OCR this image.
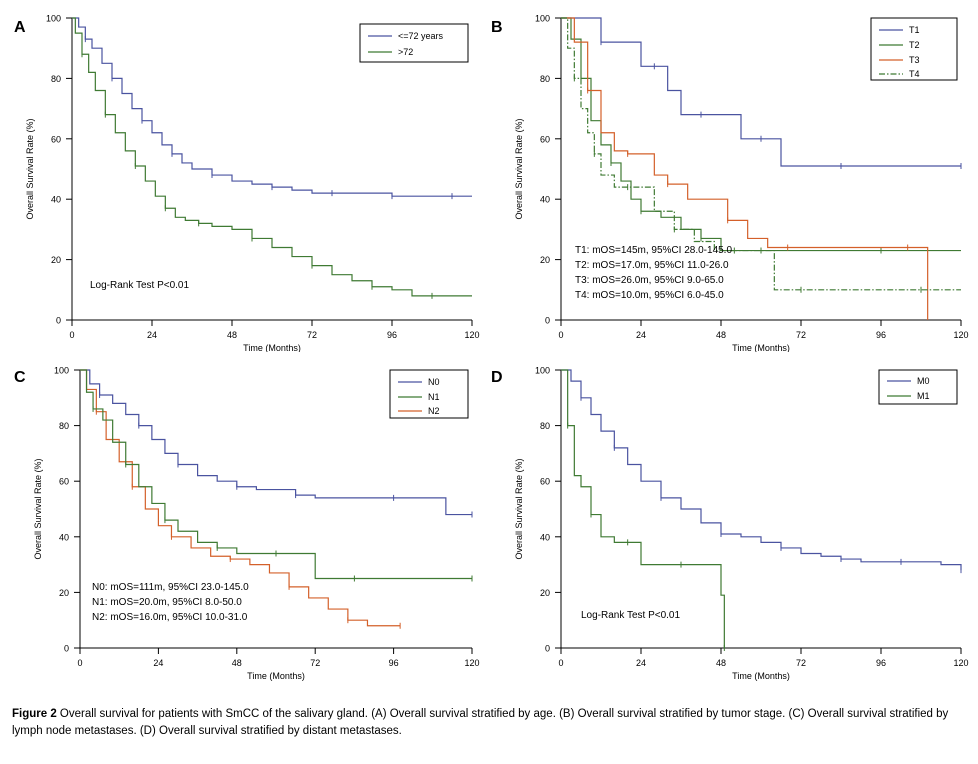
A
0	24	48	72	96	120
0
20
40
60
80
100
Time (Months)
Overall Survival Rate (%)
Log-Rank Test P<0.01
<=72 years
>72
B
0	24	48	72	96	120
0
20
40
60
80
100
Time (Months)
Overall Survival Rate (%)
T1: mOS=145m, 95%CI 28.0-145.0
T2: mOS=17.0m, 95%CI 11.0-26.0
T3: mOS=26.0m, 95%CI 9.0-65.0
T4: mOS=10.0m, 95%CI 6.0-45.0
T1
T2
T3
T4
C
0	24	48	72	96	120
0
20
40
60
80
100
Time (Months)
Overall Survival Rate (%)
N0: mOS=111m, 95%CI 23.0-145.0
N1: mOS=20.0m, 95%CI 8.0-50.0
N2: mOS=16.0m, 95%CI 10.0-31.0
N0
N1
N2
D
0	24	48	72	96	120
0
20
40
60
80
100
Time (Months)
Overall Survival Rate (%)
Log-Rank Test P<0.01
M0
M1
Figure 2 Overall survival for patients with SmCC of the salivary gland. (A) Overall survival stratified by age. (B) Overall survival stratified by tumor stage. (C) Overall survival stratified by lymph node metastases. (D) Overall survival stratified by distant metastases.
